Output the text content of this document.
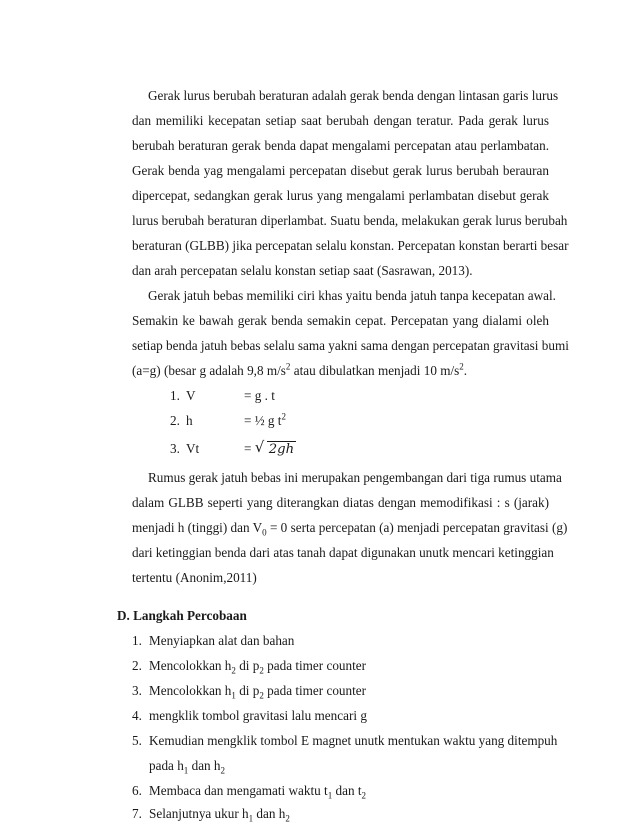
Gerak lurus berubah beraturan adalah gerak benda dengan lintasan garis lurus
dan memiliki kecepatan setiap saat berubah dengan teratur. Pada gerak lurus
berubah beraturan gerak benda dapat mengalami percepatan atau perlambatan.
Gerak benda yag mengalami percepatan disebut gerak lurus berubah berauran
dipercepat, sedangkan gerak lurus yang mengalami perlambatan disebut gerak
lurus berubah beraturan diperlambat. Suatu benda, melakukan gerak lurus berubah
beraturan (GLBB) jika percepatan selalu konstan. Percepatan konstan berarti besar
dan arah percepatan selalu konstan setiap saat (Sasrawan, 2013).
Gerak jatuh bebas memiliki ciri khas yaitu benda jatuh tanpa kecepatan awal.
Semakin ke bawah gerak benda semakin cepat. Percepatan yang dialami oleh
setiap benda jatuh bebas selalu sama yakni sama dengan percepatan gravitasi bumi
(a=g) (besar g adalah 9,8 $m/s^2$ atau dibulatkan menjadi 10 $m/s^2$.
1. V	= g . t
2. h	= ½ g $t^2$
3. Vt	= √ 2gh
Rumus gerak jatuh bebas ini merupakan pengembangan dari tiga rumus utama
dalam GLBB seperti yang diterangkan diatas dengan memodifikasi : s (jarak)
menjadi h (tinggi) dan $V_0 = 0$ serta percepatan (a) menjadi percepatan gravitasi (g)
dari ketinggian benda dari atas tanah dapat digunakan unutk mencari ketinggian
tertentu (Anonim,2011)
D. Langkah Percobaan
1. Menyiapkan alat dan bahan
2. Mencolokkan $h_2$ di $p_2$ pada timer counter
3. Mencolokkan $h_1$ di $p_2$ pada timer counter
4. mengklik tombol gravitasi lalu mencari g
5. Kemudian mengklik tombol E magnet unutk mentukan waktu yang ditempuh
pada $h_1$ dan $h_2$
6. Membaca dan mengamati waktu $t_1$ dan $t_2$
7. Selanjutnya ukur $h_1$ dan $h_2$
